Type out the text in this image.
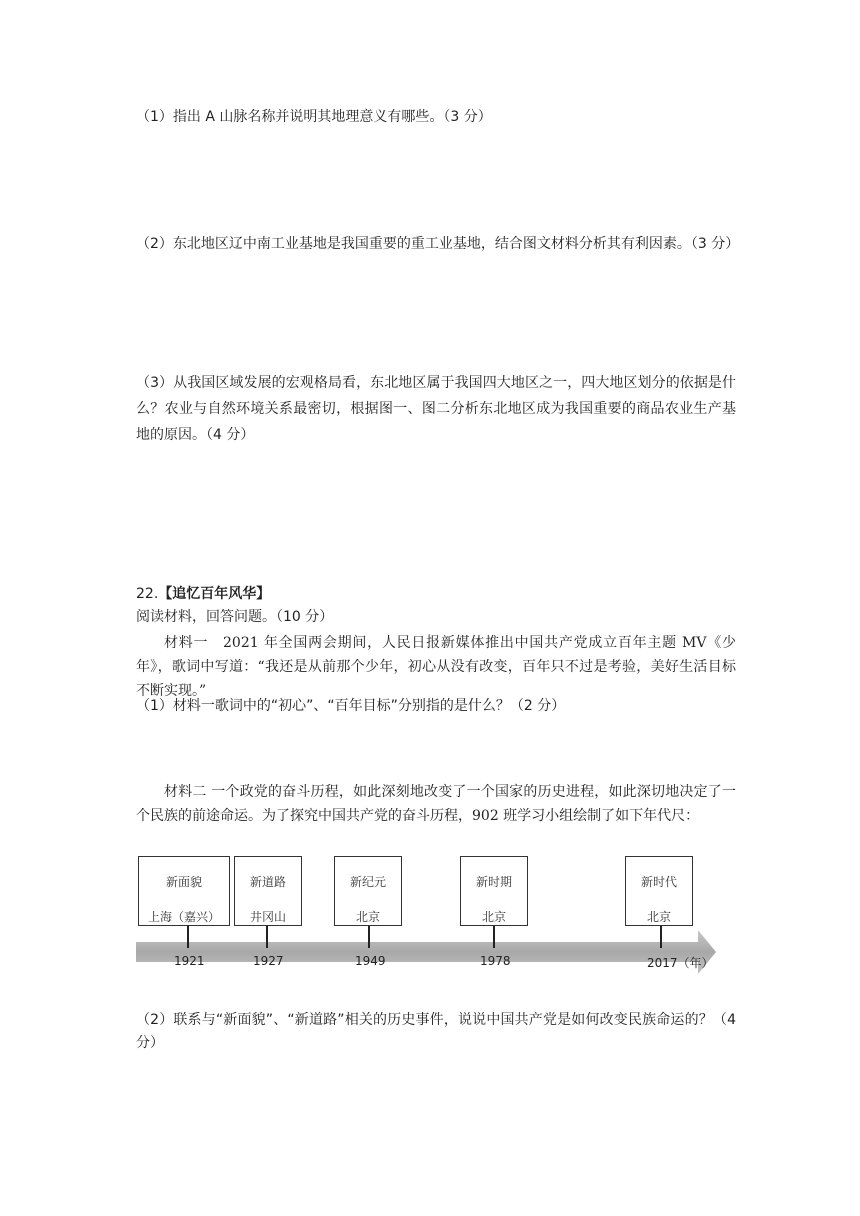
（1）指出 A 山脉名称并说明其地理意义有哪些。（3 分）

（2）东北地区辽中南工业基地是我国重要的重工业基地，结合图文材料分析其有利因素。（3 分）

（3）从我国区域发展的宏观格局看，东北地区属于我国四大地区之一，四大地区划分的依据是什么？农业与自然环境关系最密切，根据图一、图二分析东北地区成为我国重要的商品农业生产基地的原因。（4 分）

22.【追忆百年风华】

阅读材料，回答问题。（10 分）

材料一　2021 年全国两会期间，人民日报新媒体推出中国共产党成立百年主题 MV《少年》，歌词中写道：“我还是从前那个少年，初心从没有改变，百年只不过是考验，美好生活目标不断实现。”

（1）材料一歌词中的“初心”、“百年目标”分别指的是什么？（2 分）

材料二 一个政党的奋斗历程，如此深刻地改变了一个国家的历史进程，如此深切地决定了一个民族的前途命运。为了探究中国共产党的奋斗历程，902 班学习小组绘制了如下年代尺：

新面貌
上海（嘉兴）
新道路
井冈山
新纪元
北京
新时期
北京
新时代
北京
1921	1927	1949	1978	2017（年）

（2）联系与“新面貌”、“新道路”相关的历史事件，说说中国共产党是如何改变民族命运的？（4 分）
